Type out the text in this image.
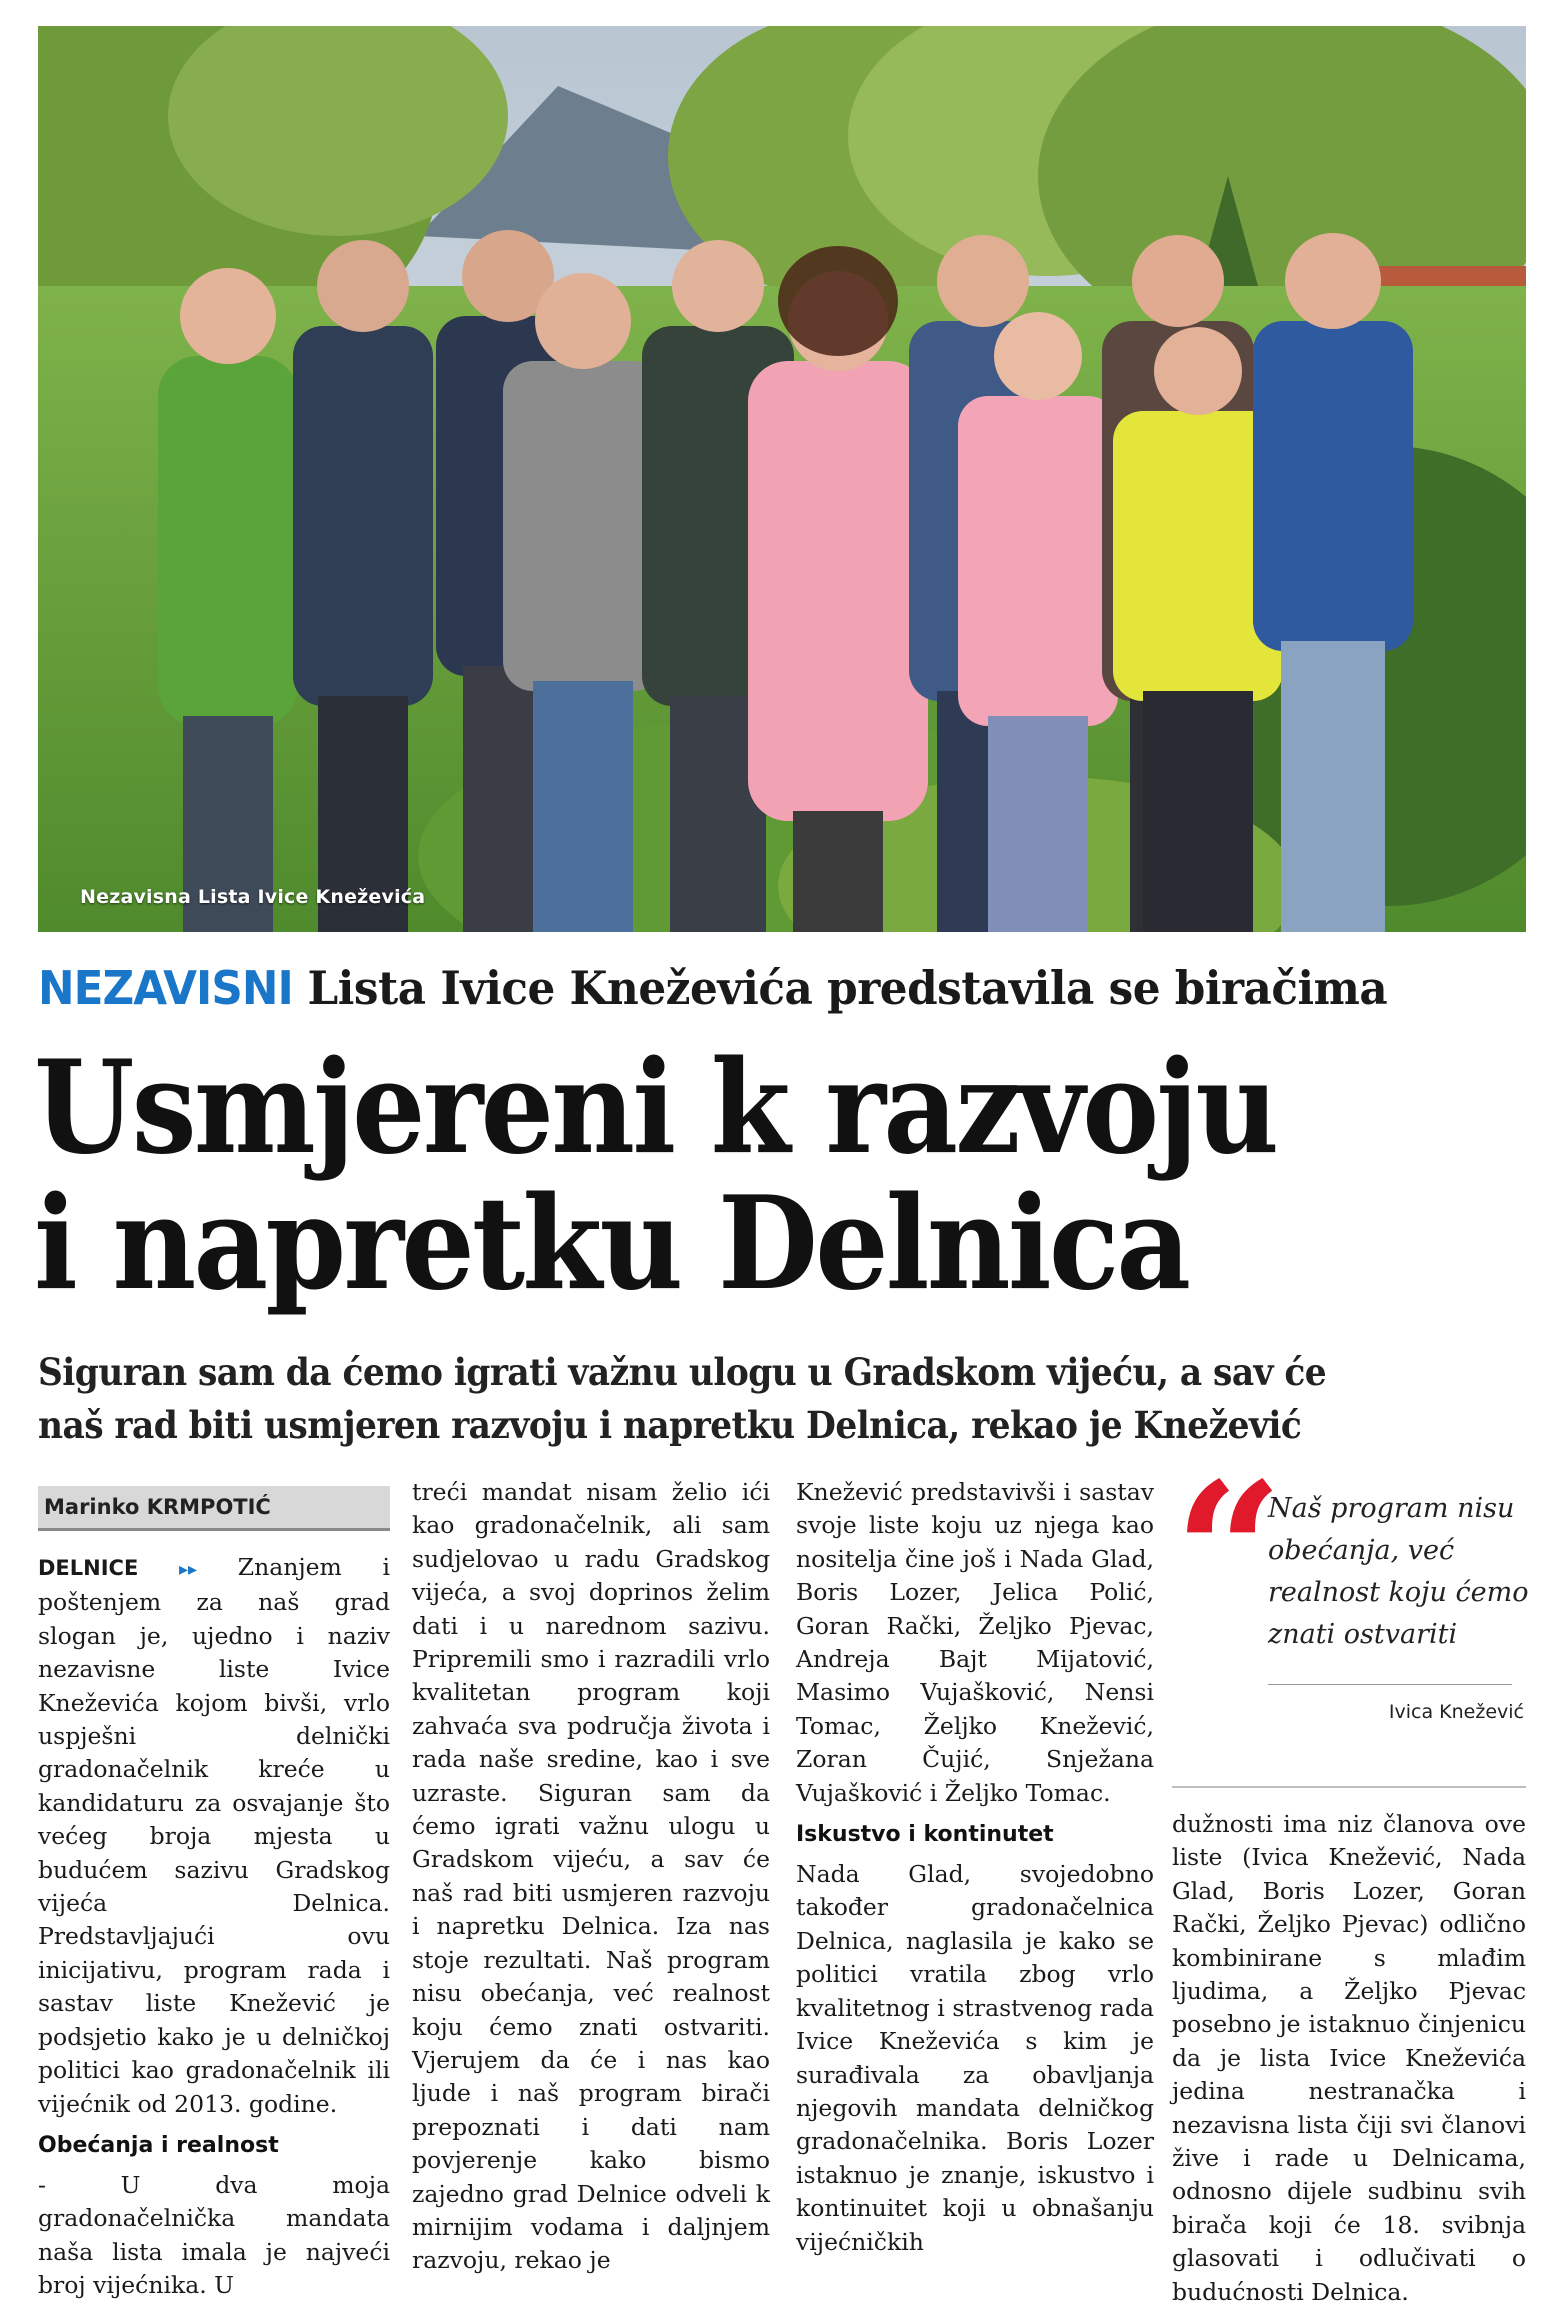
Nezavisna Lista Ivice Kneževića
NEZAVISNI Lista Ivice Kneževića predstavila se biračima
Usmjereni k razvoju
i napretku Delnica
Siguran sam da ćemo igrati važnu ulogu u Gradskom vijeću, a sav će
naš rad biti usmjeren razvoju i napretku Delnica, rekao je Knežević
Marinko KRMPOTIĆ

DELNICE ▸▸ Znanjem i poštenjem za naš grad slogan je, ujedno i naziv nezavisne liste Ivice Kneževića kojom bivši, vrlo uspješni delnički gradonačelnik kreće u kandidaturu za osvajanje što većeg broja mjesta u budućem sazivu Gradskog vijeća Delnica. Predstavljajući ovu inicijativu, program rada i sastav liste Knežević je podsjetio kako je u delničkoj politici kao gradonačelnik ili vijećnik od 2013. godine.

Obećanja i realnost

- U dva moja gradonačelnička mandata naša lista imala je najveći broj vijećnika. U

treći mandat nisam želio ići kao gradonačelnik, ali sam sudjelovao u radu Gradskog vijeća, a svoj doprinos želim dati i u narednom sazivu. Pripremili smo i razradili vrlo kvalitetan program koji zahvaća sva područja života i rada naše sredine, kao i sve uzraste. Siguran sam da ćemo igrati važnu ulogu u Gradskom vijeću, a sav će naš rad biti usmjeren razvoju i napretku Delnica. Iza nas stoje rezultati. Naš program nisu obećanja, već realnost koju ćemo znati ostvariti. Vjerujem da će i nas kao ljude i naš program birači prepoznati i dati nam povjerenje kako bismo zajedno grad Delnice odveli k mirnijim vodama i daljnjem razvoju, rekao je

Knežević predstavivši i sastav svoje liste koju uz njega kao nositelja čine još i Nada Glad, Boris Lozer, Jelica Polić, Goran Rački, Željko Pjevac, Andreja Bajt Mijatović, Masimo Vujašković, Nensi Tomac, Željko Knežević, Zoran Čujić, Snježana Vujašković i Željko Tomac.

Iskustvo i kontinutet

Nada Glad, svojedobno također gradonačelnica Delnica, naglasila je kako se politici vratila zbog vrlo kvalitetnog i strastvenog rada Ivice Kneževića s kim je surađivala za obavljanja njegovih mandata delničkog gradonačelnika. Boris Lozer istaknuo je znanje, iskustvo i kontinuitet koji u obnašanju vijećničkih

“
Naš program nisu obećanja, već realnost koju ćemo znati ostvariti
Ivica Knežević

dužnosti ima niz članova ove liste (Ivica Knežević, Nada Glad, Boris Lozer, Goran Rački, Željko Pjevac) odlično kombinirane s mlađim ljudima, a Željko Pjevac posebno je istaknuo činjenicu da je lista Ivice Kneževića jedina nestranačka i nezavisna lista čiji svi članovi žive i rade u Delnicama, odnosno dijele sudbinu svih birača koji će 18. svibnja glasovati i odlučivati o budućnosti Delnica.
